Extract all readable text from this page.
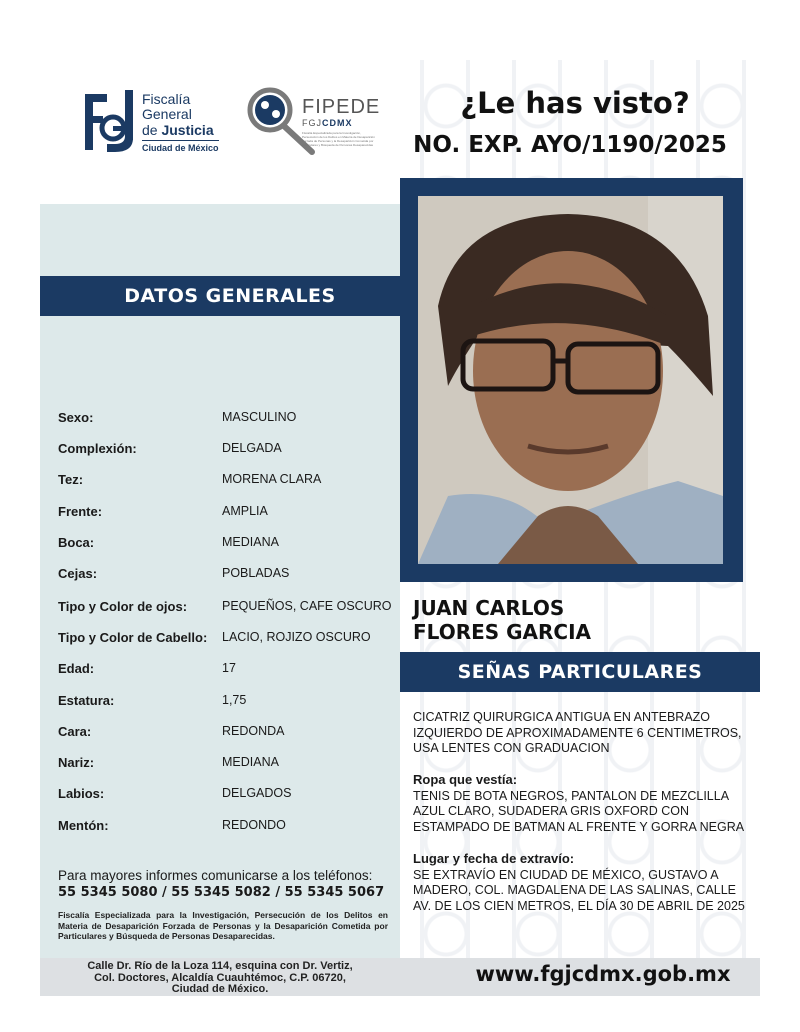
Fiscalía
General
de Justicia
Ciudad de México
FIPEDE
FGJCDMX
Fiscalía Especializada para la Investigación, Persecución de los Delitos en Materia de Desaparición Forzada de Personas y la Desaparición Cometida por Particulares y Búsqueda de Personas Desaparecidas
¿Le has visto?
NO. EXP. AYO/1190/2025
DATOS GENERALES
Sexo:	MASCULINO
Complexión:	DELGADA
Tez:	MORENA CLARA
Frente:	AMPLIA
Boca:	MEDIANA
Cejas:	POBLADAS
Tipo y Color de ojos:	PEQUEÑOS, CAFE OSCURO
Tipo y Color de Cabello:	LACIO, ROJIZO OSCURO
Edad:	17
Estatura:	1,75
Cara:	REDONDA
Nariz:	MEDIANA
Labios:	DELGADOS
Mentón:	REDONDO
JUAN CARLOS
FLORES GARCIA
SEÑAS PARTICULARES
CICATRIZ QUIRURGICA ANTIGUA EN ANTEBRAZO IZQUIERDO DE APROXIMADAMENTE 6 CENTIMETROS, USA LENTES CON GRADUACION
Ropa que vestía:
TENIS DE BOTA NEGROS, PANTALON DE MEZCLILLA AZUL CLARO, SUDADERA GRIS OXFORD CON ESTAMPADO DE BATMAN AL FRENTE Y GORRA NEGRA
Lugar y fecha de extravío:
SE EXTRAVÍO EN CIUDAD DE MÉXICO, GUSTAVO A MADERO, COL. MAGDALENA DE LAS SALINAS, CALLE AV. DE LOS CIEN METROS, EL DÍA 30 DE ABRIL DE 2025
Para mayores informes comunicarse a los teléfonos:
55 5345 5080 / 55 5345 5082 / 55 5345 5067
Fiscalía Especializada para la Investigación, Persecución de los Delitos en Materia de Desaparición Forzada de Personas y la Desaparición Cometida por Particulares y Búsqueda de Personas Desaparecidas.
Calle Dr. Río de la Loza 114, esquina con Dr. Vertiz,
Col. Doctores, Alcaldía Cuauhtémoc, C.P. 06720,
Ciudad de México.
www.fgjcdmx.gob.mx
